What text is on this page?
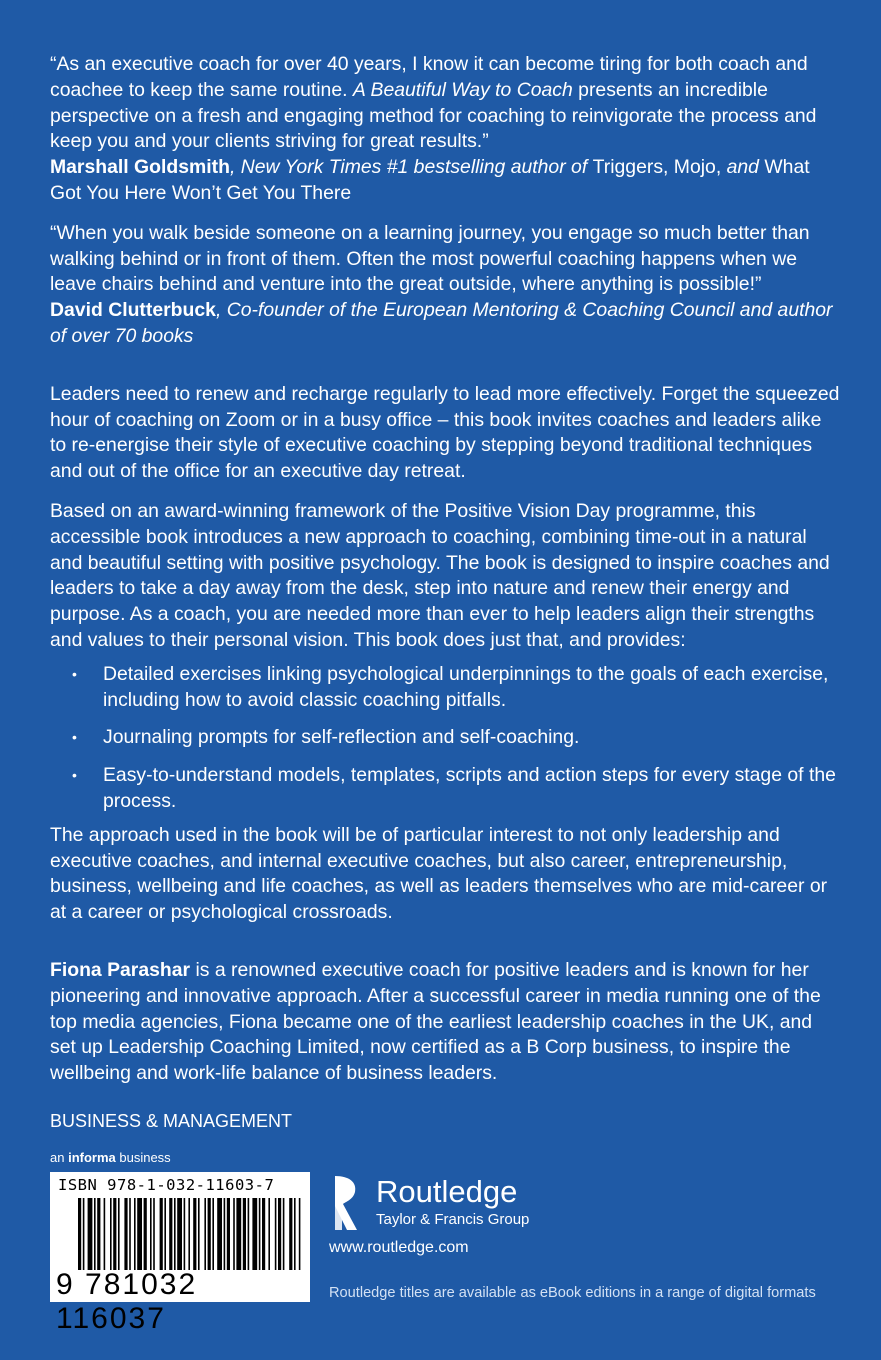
“As an executive coach for over 40 years, I know it can become tiring for both coach and coachee to keep the same routine. A Beautiful Way to Coach presents an incredible perspective on a fresh and engaging method for coaching to reinvigorate the process and keep you and your clients striving for great results.”
Marshall Goldsmith, New York Times #1 bestselling author of Triggers, Mojo, and What Got You Here Won’t Get You There

“When you walk beside someone on a learning journey, you engage so much better than walking behind or in front of them. Often the most powerful coaching happens when we leave chairs behind and venture into the great outside, where anything is possible!”
David Clutterbuck, Co-founder of the European Mentoring & Coaching Council and author of over 70 books

Leaders need to renew and recharge regularly to lead more effectively. Forget the squeezed hour of coaching on Zoom or in a busy office – this book invites coaches and leaders alike to re-energise their style of executive coaching by stepping beyond traditional techniques and out of the office for an executive day retreat.

Based on an award-winning framework of the Positive Vision Day programme, this accessible book introduces a new approach to coaching, combining time-out in a natural and beautiful setting with positive psychology. The book is designed to inspire coaches and leaders to take a day away from the desk, step into nature and renew their energy and purpose. As a coach, you are needed more than ever to help leaders align their strengths and values to their personal vision. This book does just that, and provides:

• Detailed exercises linking psychological underpinnings to the goals of each exercise, including how to avoid classic coaching pitfalls.
• Journaling prompts for self-reflection and self-coaching.
• Easy-to-understand models, templates, scripts and action steps for every stage of the process.

The approach used in the book will be of particular interest to not only leadership and executive coaches, and internal executive coaches, but also career, entrepreneurship, business, wellbeing and life coaches, as well as leaders themselves who are mid-career or at a career or psychological crossroads.

Fiona Parashar is a renowned executive coach for positive leaders and is known for her pioneering and innovative approach. After a successful career in media running one of the top media agencies, Fiona became one of the earliest leadership coaches in the UK, and set up Leadership Coaching Limited, now certified as a B Corp business, to inspire the wellbeing and work-life balance of business leaders.

BUSINESS & MANAGEMENT
an informa business
ISBN 978-1-032-11603-7
9 781032 116037
Routledge
Taylor & Francis Group
www.routledge.com
Routledge titles are available as eBook editions in a range of digital formats
